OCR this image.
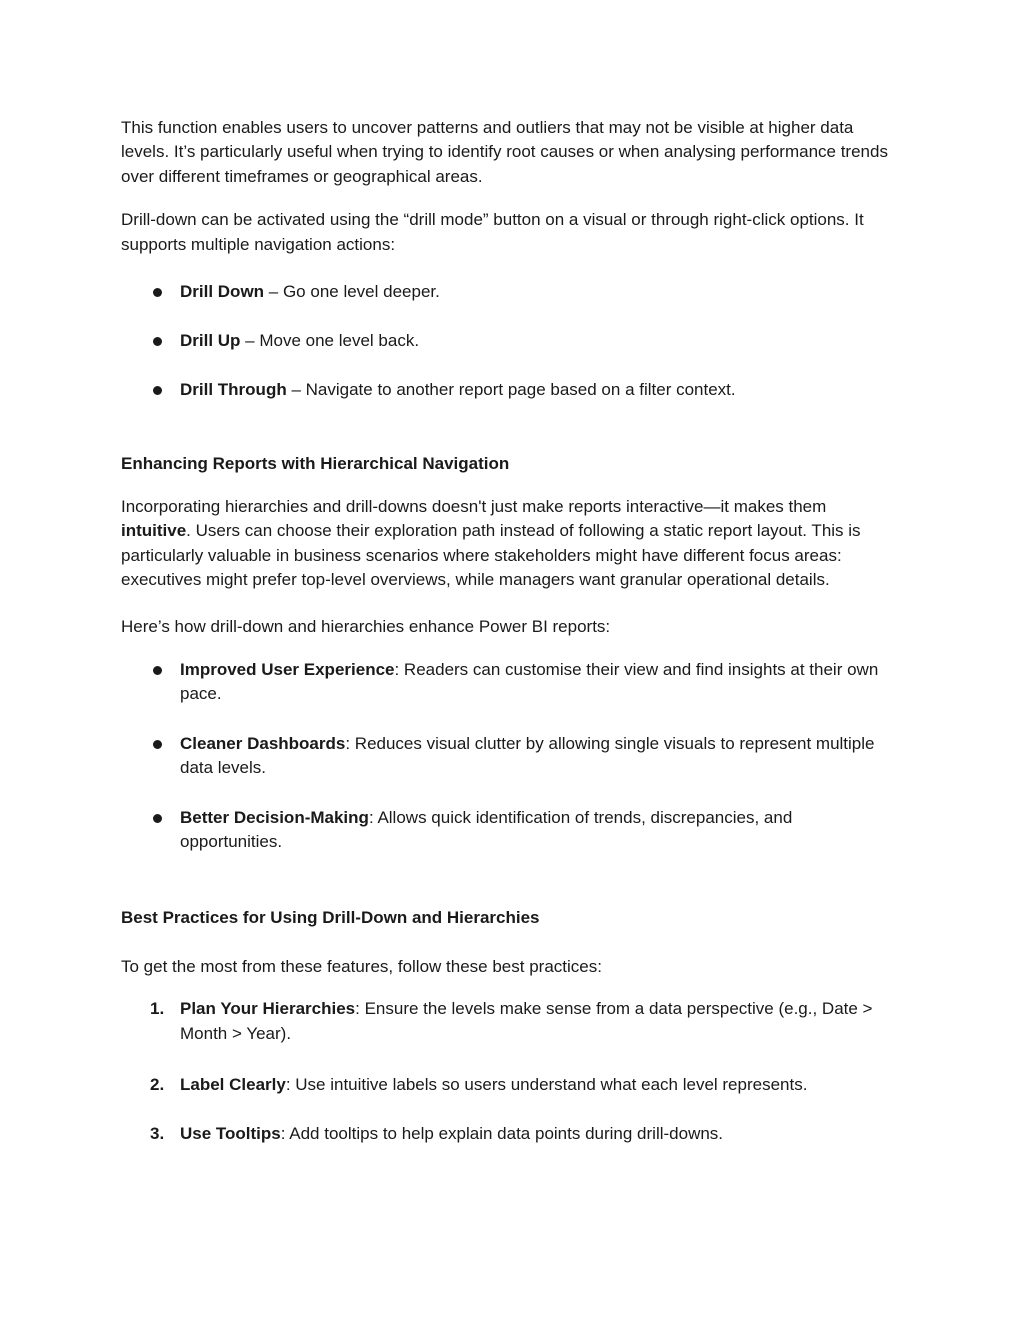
This function enables users to uncover patterns and outliers that may not be visible at higher data levels. It’s particularly useful when trying to identify root causes or when analysing performance trends over different timeframes or geographical areas.

Drill-down can be activated using the “drill mode” button on a visual or through right-click options. It supports multiple navigation actions:

Drill Down – Go one level deeper.
Drill Up – Move one level back.
Drill Through – Navigate to another report page based on a filter context.

Enhancing Reports with Hierarchical Navigation

Incorporating hierarchies and drill-downs doesn't just make reports interactive—it makes them intuitive. Users can choose their exploration path instead of following a static report layout. This is particularly valuable in business scenarios where stakeholders might have different focus areas: executives might prefer top-level overviews, while managers want granular operational details.

Here’s how drill-down and hierarchies enhance Power BI reports:

Improved User Experience: Readers can customise their view and find insights at their own pace.
Cleaner Dashboards: Reduces visual clutter by allowing single visuals to represent multiple data levels.
Better Decision-Making: Allows quick identification of trends, discrepancies, and opportunities.

Best Practices for Using Drill-Down and Hierarchies

To get the most from these features, follow these best practices:

1. Plan Your Hierarchies: Ensure the levels make sense from a data perspective (e.g., Date > Month > Year).
2. Label Clearly: Use intuitive labels so users understand what each level represents.
3. Use Tooltips: Add tooltips to help explain data points during drill-downs.
